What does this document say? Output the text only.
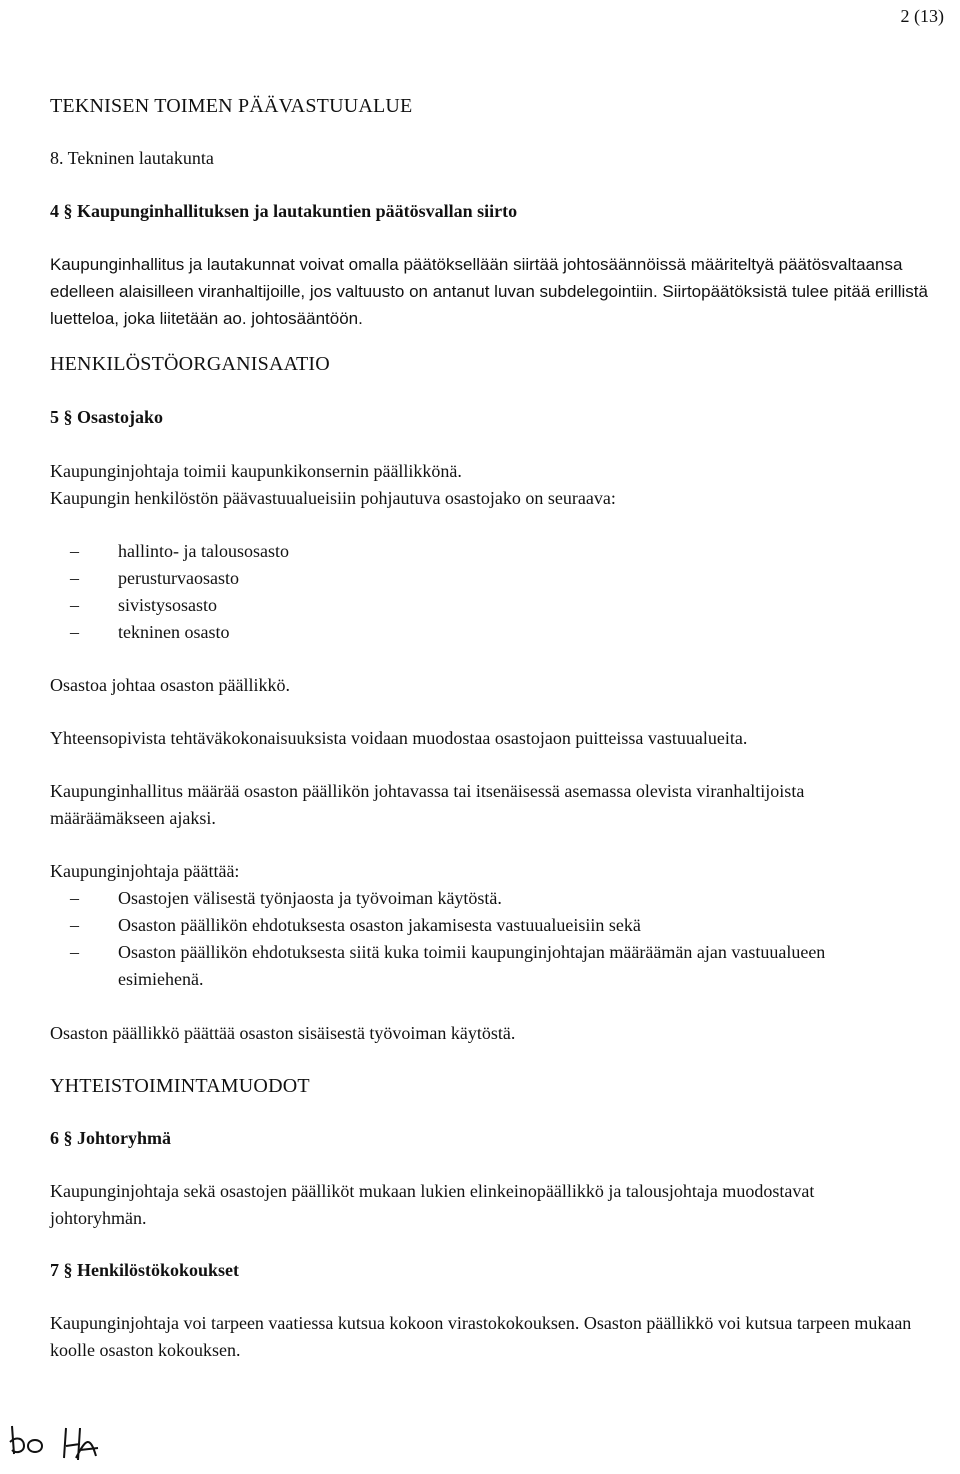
2 (13)
TEKNISEN TOIMEN PÄÄVASTUUALUE

8. Tekninen lautakunta

4 § Kaupunginhallituksen ja lautakuntien päätösvallan siirto

Kaupunginhallitus ja lautakunnat voivat omalla päätöksellään siirtää johtosäännöissä määriteltyä päätösvaltaansa edelleen alaisilleen viranhaltijoille, jos valtuusto on antanut luvan subdelegointiin. Siirtopäätöksistä tulee pitää erillistä luetteloa, joka liitetään ao. johtosääntöön.

HENKILÖSTÖORGANISAATIO
5 § Osastojako

Kaupunginjohtaja toimii kaupunkikonsernin päällikkönä.

Kaupungin henkilöstön päävastuualueisiin pohjautuva osastojako on seuraava:

– hallinto- ja talousosasto
– perusturvaosasto
– sivistysosasto
– tekninen osasto

Osastoa johtaa osaston päällikkö.

Yhteensopivista tehtäväkokonaisuuksista voidaan muodostaa osastojaon puitteissa vastuualueita.

Kaupunginhallitus määrää osaston päällikön johtavassa tai itsenäisessä asemassa olevista viranhaltijoista määräämäkseen ajaksi.

Kaupunginjohtaja päättää:

– Osastojen välisestä työnjaosta ja työvoiman käytöstä.
– Osaston päällikön ehdotuksesta osaston jakamisesta vastuualueisiin sekä
– Osaston päällikön ehdotuksesta siitä kuka toimii kaupunginjohtajan määräämän ajan vastuualueen esimiehenä.

Osaston päällikkö päättää osaston sisäisestä työvoiman käytöstä.

YHTEISTOIMINTAMUODOT
6 § Johtoryhmä

Kaupunginjohtaja sekä osastojen päälliköt mukaan lukien elinkeinopäällikkö ja talousjohtaja muodostavat johtoryhmän.

7 § Henkilöstökokoukset

Kaupunginjohtaja voi tarpeen vaatiessa kutsua kokoon virastokokouksen. Osaston päällikkö voi kutsua tarpeen mukaan koolle osaston kokouksen.
